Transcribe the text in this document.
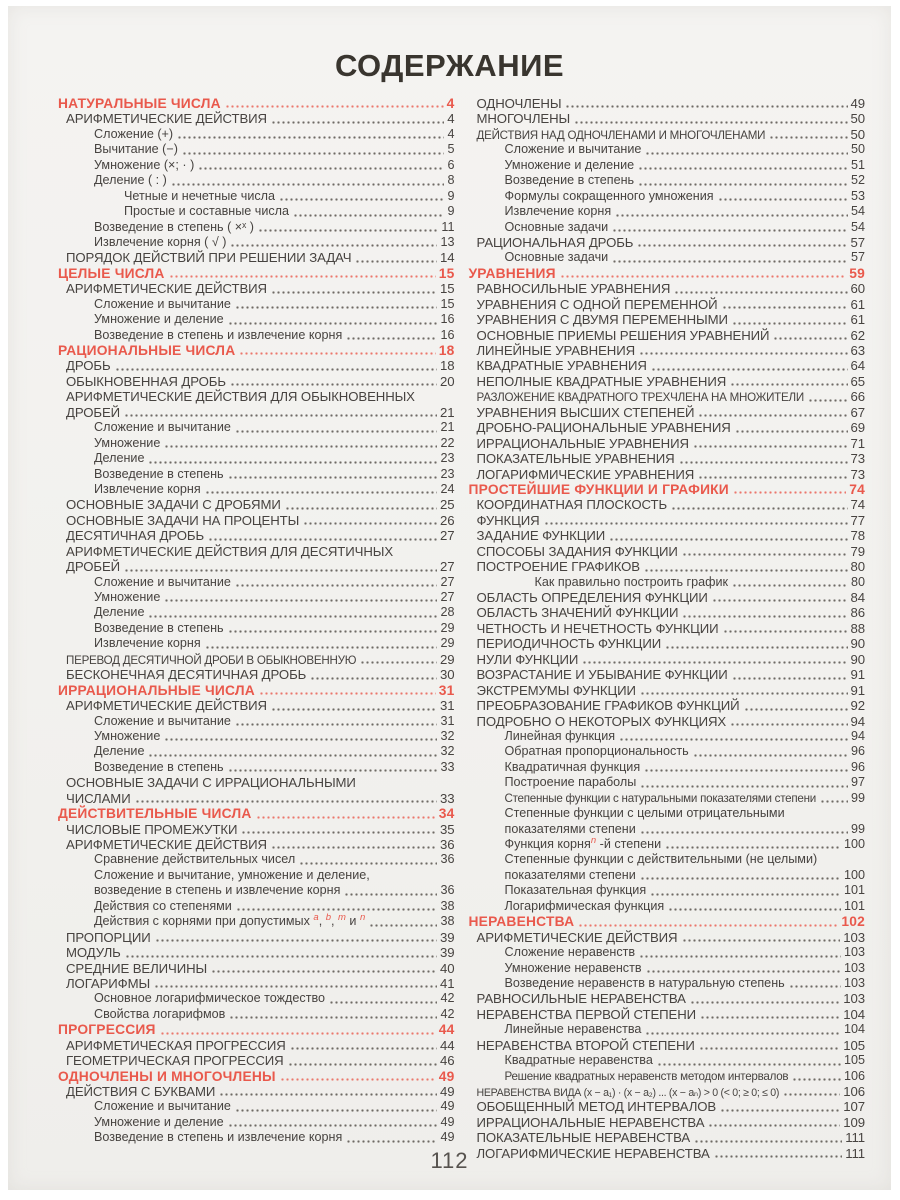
СОДЕРЖАНИЕ
НАТУРАЛЬНЫЕ ЧИСЛА	4
АРИФМЕТИЧЕСКИЕ ДЕЙСТВИЯ	4
Сложение (+)	4
Вычитание (−)	5
Умножение (×; · )	6
Деление ( : )	8
Четные и нечетные числа	9
Простые и составные числа	9
Возведение в степень ( ×ˣ )	11
Извлечение корня ( √ )	13
ПОРЯДОК ДЕЙСТВИЙ ПРИ РЕШЕНИИ ЗАДАЧ	14
ЦЕЛЫЕ ЧИСЛА	15
АРИФМЕТИЧЕСКИЕ ДЕЙСТВИЯ	15
Сложение и вычитание	15
Умножение и деление	16
Возведение в степень и извлечение корня	16
РАЦИОНАЛЬНЫЕ ЧИСЛА	18
ДРОБЬ	18
ОБЫКНОВЕННАЯ ДРОБЬ	20
АРИФМЕТИЧЕСКИЕ ДЕЙСТВИЯ ДЛЯ ОБЫКНОВЕННЫХ
ДРОБЕЙ	21
Сложение и вычитание	21
Умножение	22
Деление	23
Возведение в степень	23
Извлечение корня	24
ОСНОВНЫЕ ЗАДАЧИ С ДРОБЯМИ	25
ОСНОВНЫЕ ЗАДАЧИ НА ПРОЦЕНТЫ	26
ДЕСЯТИЧНАЯ ДРОБЬ	27
АРИФМЕТИЧЕСКИЕ ДЕЙСТВИЯ ДЛЯ ДЕСЯТИЧНЫХ
ДРОБЕЙ	27
Сложение и вычитание	27
Умножение	27
Деление	28
Возведение в степень	29
Извлечение корня	29
ПЕРЕВОД ДЕСЯТИЧНОЙ ДРОБИ В ОБЫКНОВЕННУЮ	29
БЕСКОНЕЧНАЯ ДЕСЯТИЧНАЯ ДРОБЬ	30
ИРРАЦИОНАЛЬНЫЕ ЧИСЛА	31
АРИФМЕТИЧЕСКИЕ ДЕЙСТВИЯ	31
Сложение и вычитание	31
Умножение	32
Деление	32
Возведение в степень	33
ОСНОВНЫЕ ЗАДАЧИ С ИРРАЦИОНАЛЬНЫМИ
ЧИСЛАМИ	33
ДЕЙСТВИТЕЛЬНЫЕ ЧИСЛА	34
ЧИСЛОВЫЕ ПРОМЕЖУТКИ	35
АРИФМЕТИЧЕСКИЕ ДЕЙСТВИЯ	36
Сравнение действительных чисел	36
Сложение и вычитание, умножение и деление,
возведение в степень и извлечение корня	36
Действия со степенями	38
Действия с корнями при допустимых $^a$, $^b$, $^m$ и $^n$	38
ПРОПОРЦИИ	39
МОДУЛЬ	39
СРЕДНИЕ ВЕЛИЧИНЫ	40
ЛОГАРИФМЫ	41
Основное логарифмическое тождество	42
Свойства логарифмов	42
ПРОГРЕССИЯ	44
АРИФМЕТИЧЕСКАЯ ПРОГРЕССИЯ	44
ГЕОМЕТРИЧЕСКАЯ ПРОГРЕССИЯ	46
ОДНОЧЛЕНЫ И МНОГОЧЛЕНЫ	49
ДЕЙСТВИЯ С БУКВАМИ	49
Сложение и вычитание	49
Умножение и деление	49
Возведение в степень и извлечение корня	49
ОДНОЧЛЕНЫ	49
МНОГОЧЛЕНЫ	50
ДЕЙСТВИЯ НАД ОДНОЧЛЕНАМИ И МНОГОЧЛЕНАМИ	50
Сложение и вычитание	50
Умножение и деление	51
Возведение в степень	52
Формулы сокращенного умножения	53
Извлечение корня	54
Основные задачи	54
РАЦИОНАЛЬНАЯ ДРОБЬ	57
Основные задачи	57
УРАВНЕНИЯ	59
РАВНОСИЛЬНЫЕ УРАВНЕНИЯ	60
УРАВНЕНИЯ С ОДНОЙ ПЕРЕМЕННОЙ	61
УРАВНЕНИЯ С ДВУМЯ ПЕРЕМЕННЫМИ	61
ОСНОВНЫЕ ПРИЕМЫ РЕШЕНИЯ УРАВНЕНИЙ	62
ЛИНЕЙНЫЕ УРАВНЕНИЯ	63
КВАДРАТНЫЕ УРАВНЕНИЯ	64
НЕПОЛНЫЕ КВАДРАТНЫЕ УРАВНЕНИЯ	65
РАЗЛОЖЕНИЕ КВАДРАТНОГО ТРЕХЧЛЕНА НА МНОЖИТЕЛИ	66
УРАВНЕНИЯ ВЫСШИХ СТЕПЕНЕЙ	67
ДРОБНО-РАЦИОНАЛЬНЫЕ УРАВНЕНИЯ	69
ИРРАЦИОНАЛЬНЫЕ УРАВНЕНИЯ	71
ПОКАЗАТЕЛЬНЫЕ УРАВНЕНИЯ	73
ЛОГАРИФМИЧЕСКИЕ УРАВНЕНИЯ	73
ПРОСТЕЙШИЕ ФУНКЦИИ И ГРАФИКИ	74
КООРДИНАТНАЯ ПЛОСКОСТЬ	74
ФУНКЦИЯ	77
ЗАДАНИЕ ФУНКЦИИ	78
СПОСОБЫ ЗАДАНИЯ ФУНКЦИИ	79
ПОСТРОЕНИЕ ГРАФИКОВ	80
Как правильно построить график	80
ОБЛАСТЬ ОПРЕДЕЛЕНИЯ ФУНКЦИИ	84
ОБЛАСТЬ ЗНАЧЕНИЙ ФУНКЦИИ	86
ЧЕТНОСТЬ И НЕЧЕТНОСТЬ ФУНКЦИИ	88
ПЕРИОДИЧНОСТЬ ФУНКЦИИ	90
НУЛИ ФУНКЦИИ	90
ВОЗРАСТАНИЕ И УБЫВАНИЕ ФУНКЦИИ	91
ЭКСТРЕМУМЫ ФУНКЦИИ	91
ПРЕОБРАЗОВАНИЕ ГРАФИКОВ ФУНКЦИЙ	92
ПОДРОБНО О НЕКОТОРЫХ ФУНКЦИЯХ	94
Линейная функция	94
Обратная пропорциональность	96
Квадратичная функция	96
Построение параболы	97
Степенные функции с натуральными показателями степени	99
Степенные функции с целыми отрицательными
показателями степени	99
Функция корня$^n$ -й степени	100
Степенные функции с действительными (не целыми)
показателями степени	100
Показательная функция	101
Логарифмическая функция	101
НЕРАВЕНСТВА	102
АРИФМЕТИЧЕСКИЕ ДЕЙСТВИЯ	103
Сложение неравенств	103
Умножение неравенств	103
Возведение неравенств в натуральную степень	103
РАВНОСИЛЬНЫЕ НЕРАВЕНСТВА	103
НЕРАВЕНСТВА ПЕРВОЙ СТЕПЕНИ	104
Линейные неравенства	104
НЕРАВЕНСТВА ВТОРОЙ СТЕПЕНИ	105
Квадратные неравенства	105
Решение квадратных неравенств методом интервалов	106
НЕРАВЕНСТВА ВИДА (x − a₁) · (x − a₂) ... (x − aₙ) > 0 (< 0; ≥ 0; ≤ 0)	106
ОБОБЩЕННЫЙ МЕТОД ИНТЕРВАЛОВ	107
ИРРАЦИОНАЛЬНЫЕ НЕРАВЕНСТВА	109
ПОКАЗАТЕЛЬНЫЕ НЕРАВЕНСТВА	111
ЛОГАРИФМИЧЕСКИЕ НЕРАВЕНСТВА	111
112
